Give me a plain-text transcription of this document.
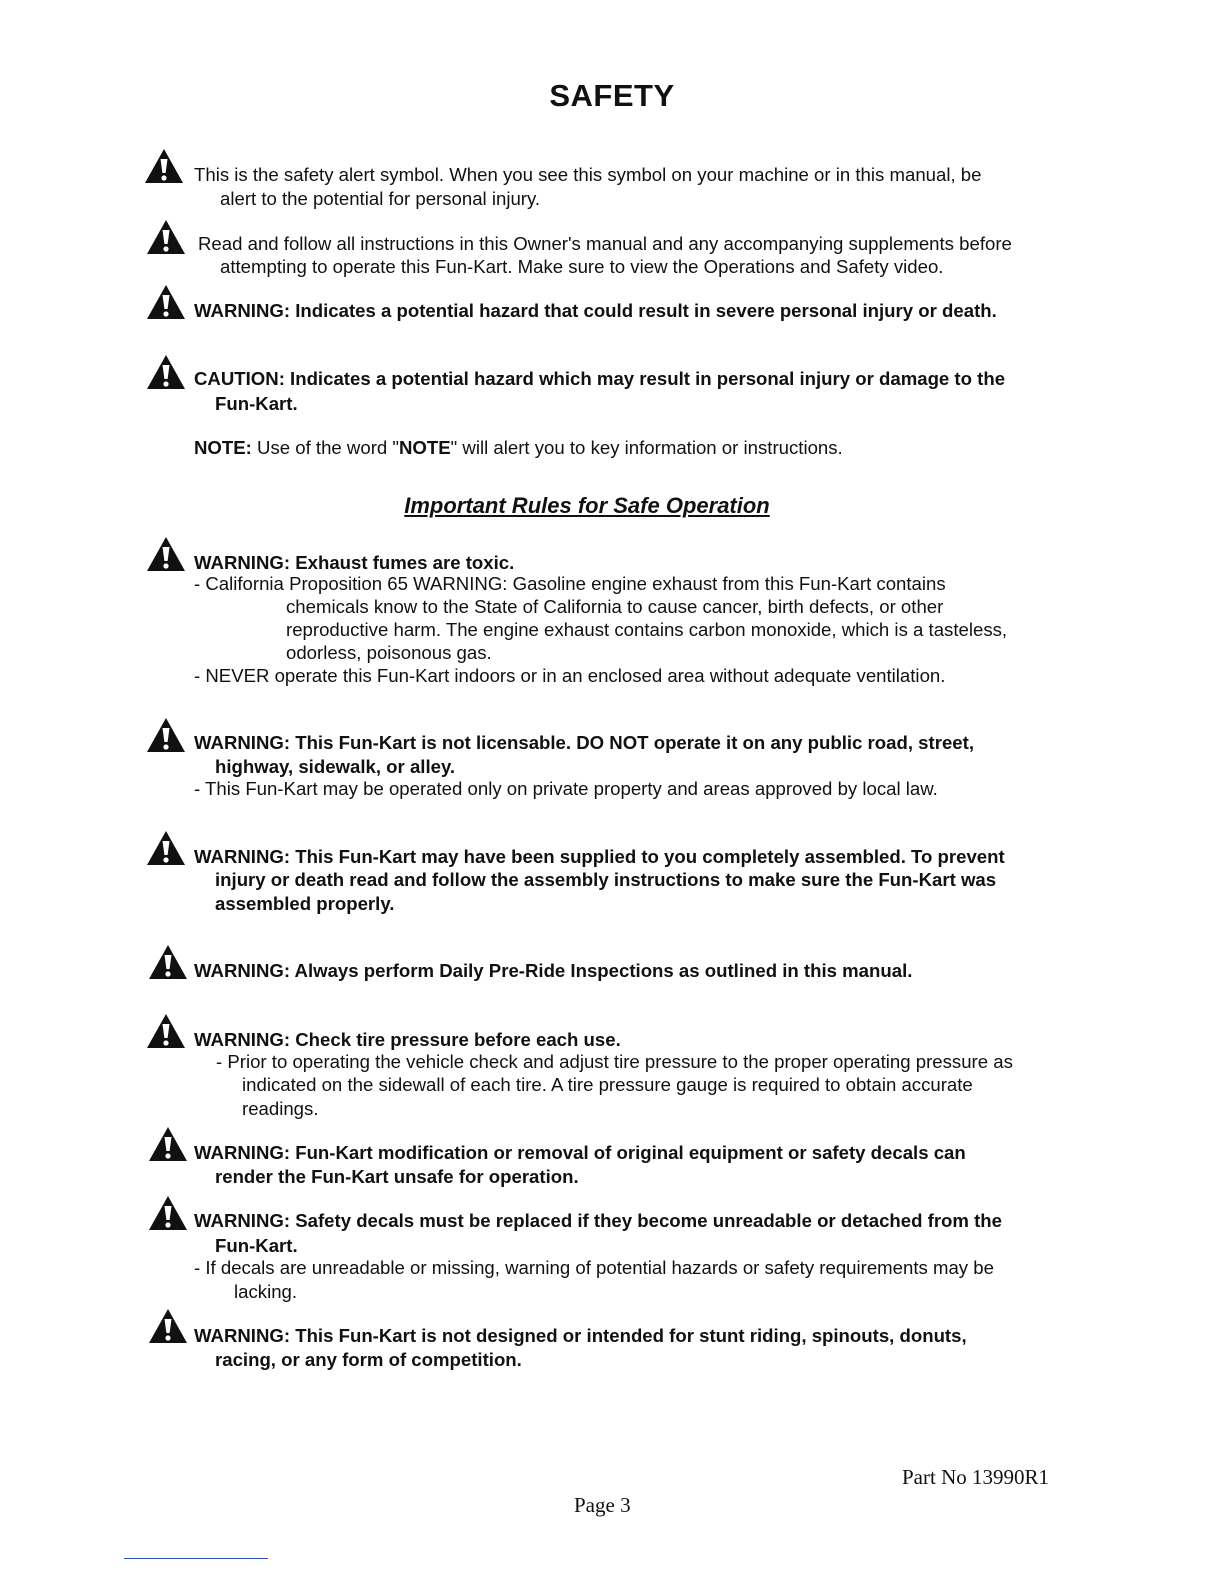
SAFETY
This is the safety alert symbol. When you see this symbol on your machine or in this manual, be
alert to the potential for personal injury.
Read and follow all instructions in this Owner's manual and any accompanying supplements before
attempting to operate this Fun-Kart. Make sure to view the Operations and Safety video.
WARNING: Indicates a potential hazard that could result in severe personal injury or death.
CAUTION: Indicates a potential hazard which may result in personal injury or damage to the
Fun-Kart.
NOTE: Use of the word "NOTE" will alert you to key information or instructions.
Important Rules for Safe Operation
WARNING: Exhaust fumes are toxic.
- California Proposition 65 WARNING: Gasoline engine exhaust from this Fun-Kart contains
chemicals know to the State of California to cause cancer, birth defects, or other
reproductive harm. The engine exhaust contains carbon monoxide, which is a tasteless,
odorless, poisonous gas.
- NEVER operate this Fun-Kart indoors or in an enclosed area without adequate ventilation.
WARNING: This Fun-Kart is not licensable. DO NOT operate it on any public road, street,
highway, sidewalk, or alley.
- This Fun-Kart may be operated only on private property and areas approved by local law.
WARNING: This Fun-Kart may have been supplied to you completely assembled. To prevent
injury or death read and follow the assembly instructions to make sure the Fun-Kart was
assembled properly.
WARNING: Always perform Daily Pre-Ride Inspections as outlined in this manual.
WARNING: Check tire pressure before each use.
- Prior to operating the vehicle check and adjust tire pressure to the proper operating pressure as
indicated on the sidewall of each tire. A tire pressure gauge is required to obtain accurate
readings.
WARNING: Fun-Kart modification or removal of original equipment or safety decals can
render the Fun-Kart unsafe for operation.
WARNING: Safety decals must be replaced if they become unreadable or detached from the
Fun-Kart.
- If decals are unreadable or missing, warning of potential hazards or safety requirements may be
lacking.
WARNING: This Fun-Kart is not designed or intended for stunt riding, spinouts, donuts,
racing, or any form of competition.
Part No 13990R1
Page 3
